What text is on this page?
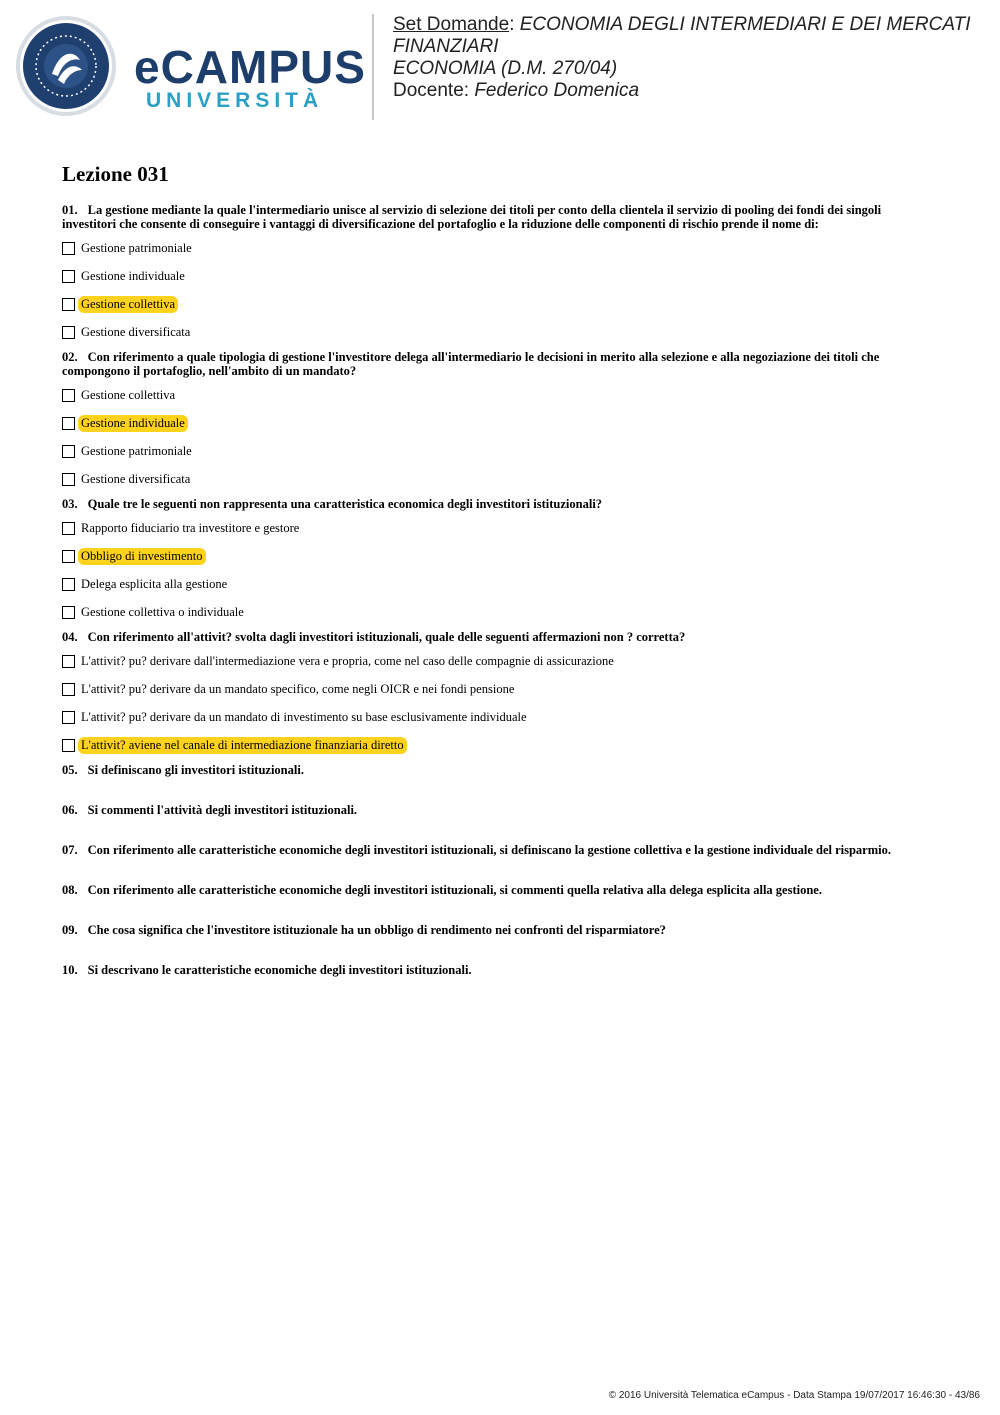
eCAMPUS
UNIVERSITÀ

Set Domande: ECONOMIA DEGLI INTERMEDIARI E DEI MERCATI FINANZIARI

ECONOMIA (D.M. 270/04)

Docente: Federico Domenica

Lezione 031

01. La gestione mediante la quale l'intermediario unisce al servizio di selezione dei titoli per conto della clientela il servizio di pooling dei fondi dei singoli investitori che consente di conseguire i vantaggi di diversificazione del portafoglio e la riduzione delle componenti di rischio prende il nome di:

Gestione patrimoniale
Gestione individuale
Gestione collettiva
Gestione diversificata

02. Con riferimento a quale tipologia di gestione l'investitore delega all'intermediario le decisioni in merito alla selezione e alla negoziazione dei titoli che compongono il portafoglio, nell'ambito di un mandato?

Gestione collettiva
Gestione individuale
Gestione patrimoniale
Gestione diversificata

03. Quale tre le seguenti non rappresenta una caratteristica economica degli investitori istituzionali?

Rapporto fiduciario tra investitore e gestore
Obbligo di investimento
Delega esplicita alla gestione
Gestione collettiva o individuale

04. Con riferimento all'attivit? svolta dagli investitori istituzionali, quale delle seguenti affermazioni non ? corretta?

L'attivit? pu? derivare dall'intermediazione vera e propria, come nel caso delle compagnie di assicurazione
L'attivit? pu? derivare da un mandato specifico, come negli OICR e nei fondi pensione
L'attivit? pu? derivare da un mandato di investimento su base esclusivamente individuale
L'attivit? aviene nel canale di intermediazione finanziaria diretto

05. Si definiscano gli investitori istituzionali.

06. Si commenti l'attività degli investitori istituzionali.

07. Con riferimento alle caratteristiche economiche degli investitori istituzionali, si definiscano la gestione collettiva e la gestione individuale del risparmio.

08. Con riferimento alle caratteristiche economiche degli investitori istituzionali, si commenti quella relativa alla delega esplicita alla gestione.

09. Che cosa significa che l'investitore istituzionale ha un obbligo di rendimento nei confronti del risparmiatore?

10. Si descrivano le caratteristiche economiche degli investitori istituzionali.

© 2016 Università Telematica eCampus - Data Stampa 19/07/2017 16:46:30 - 43/86
